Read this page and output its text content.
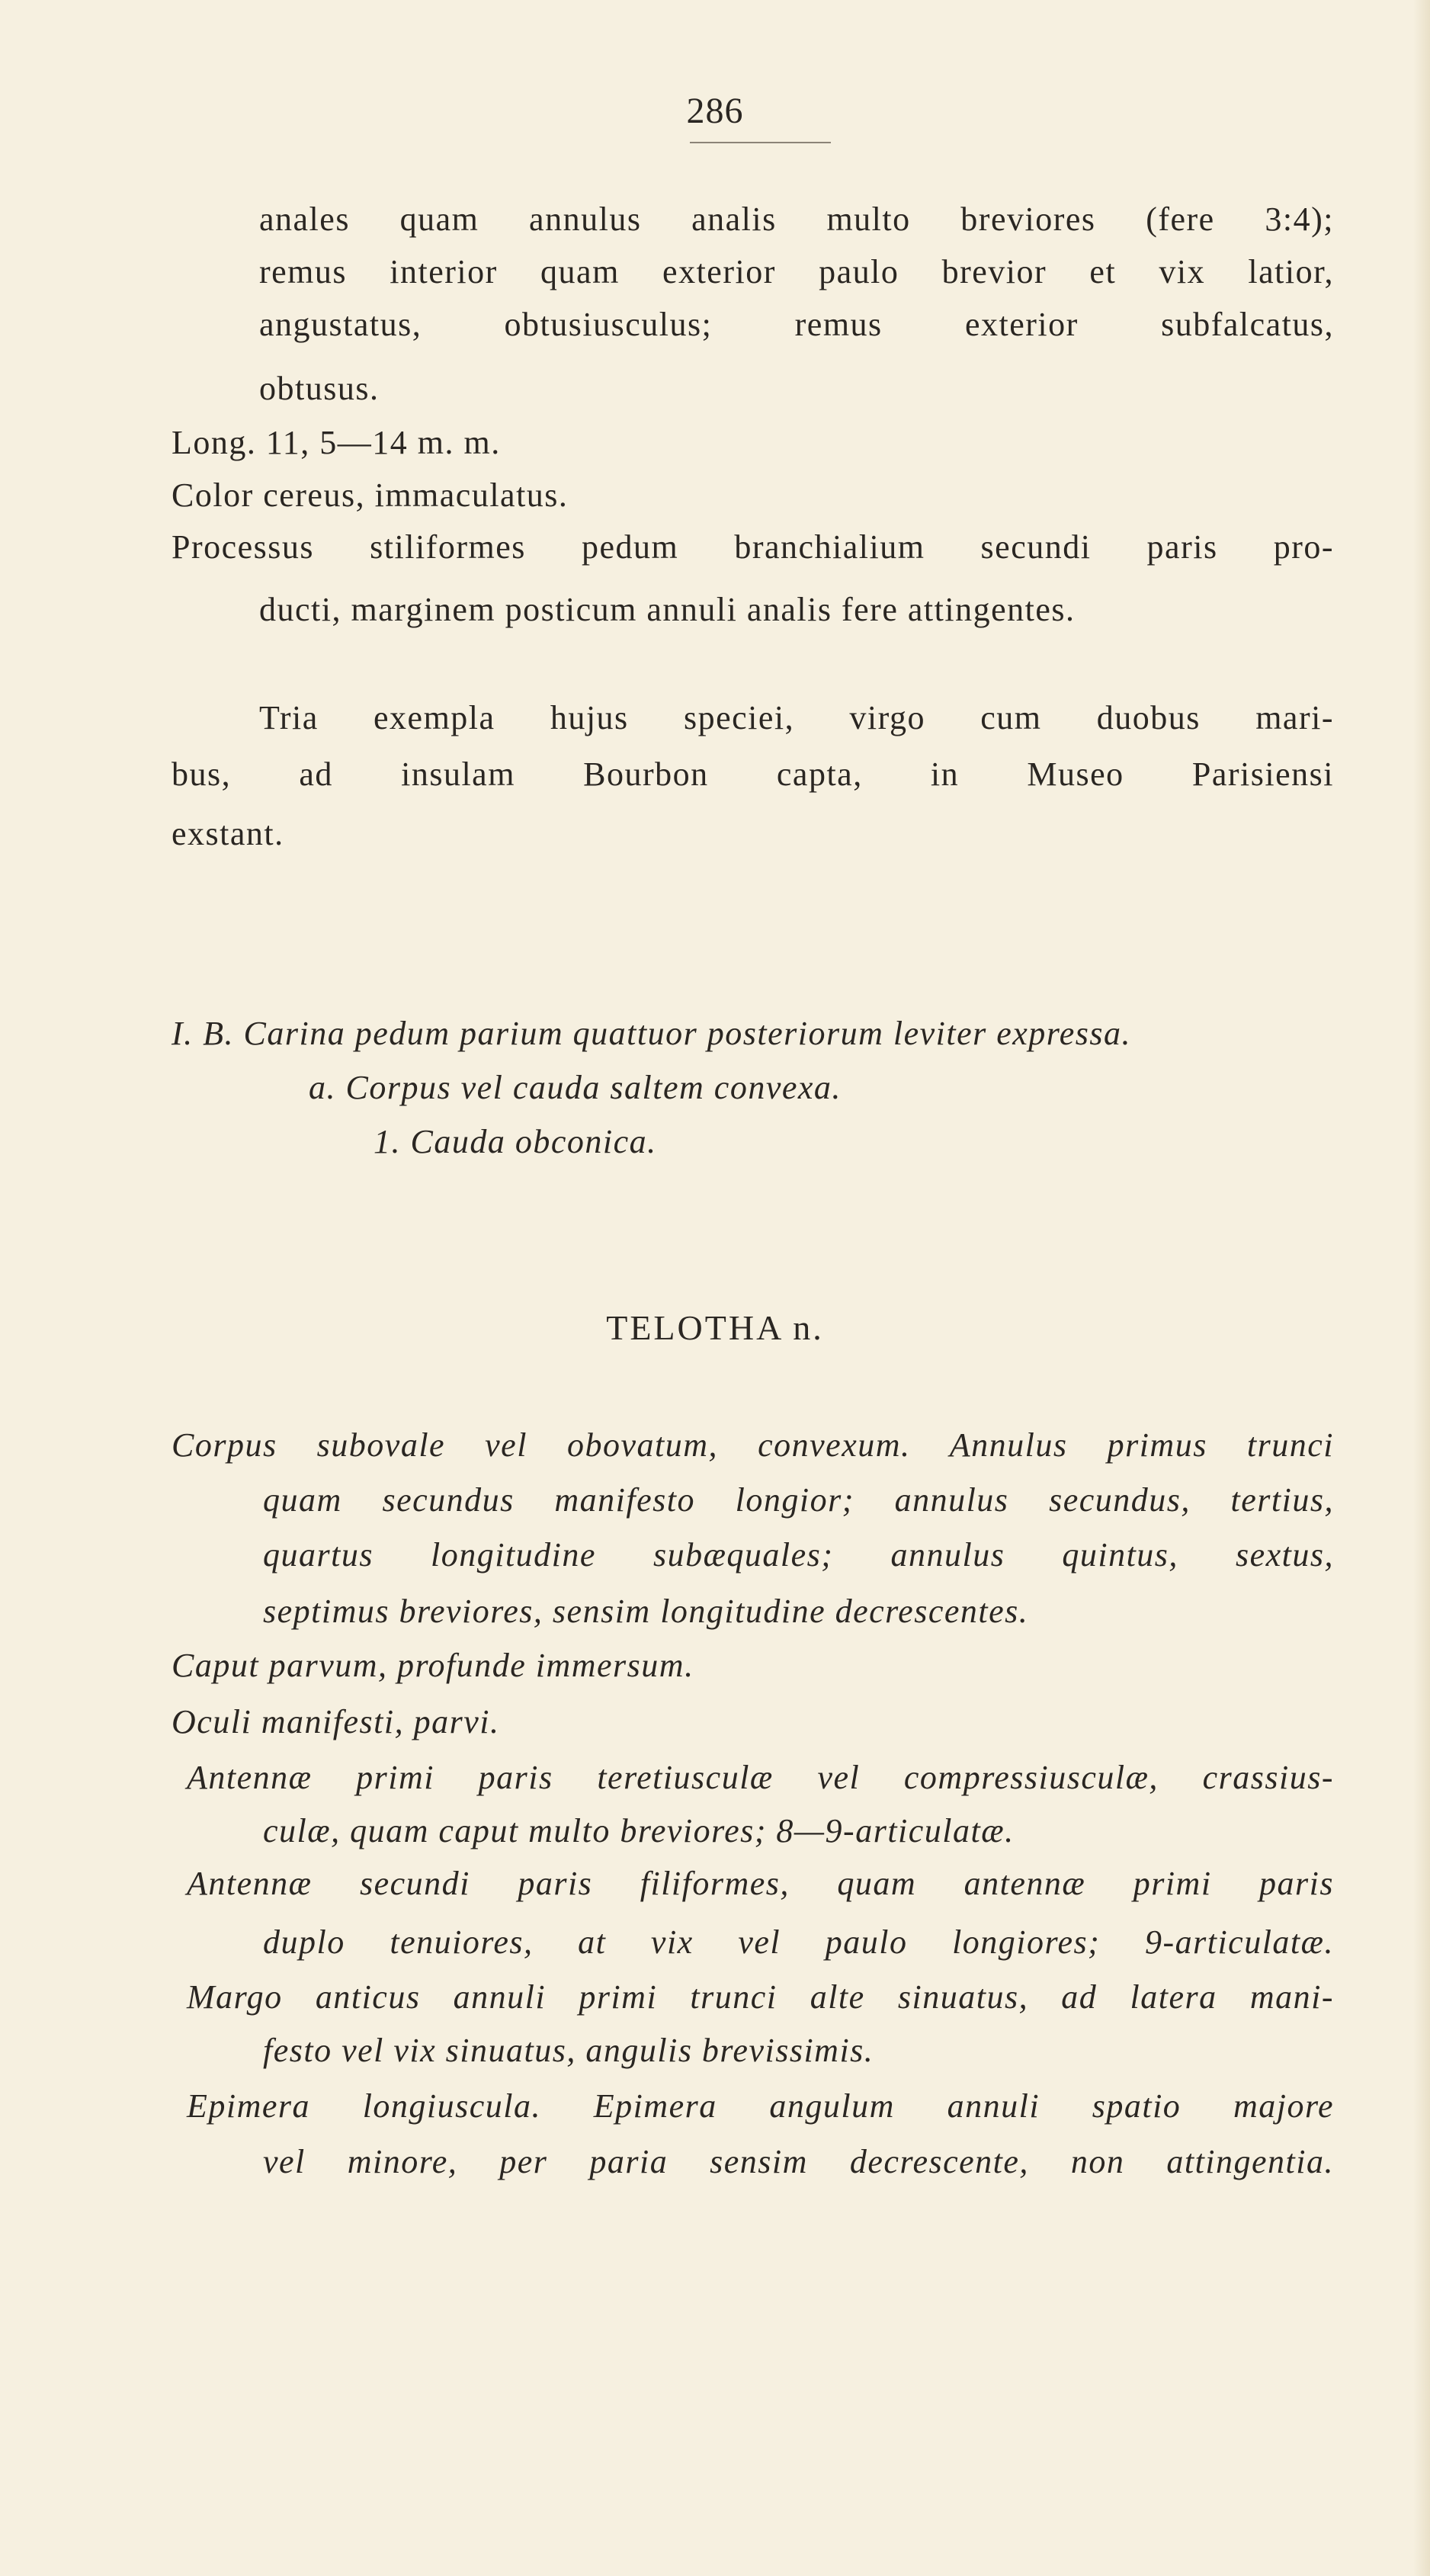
286
anales quam annulus analis multo breviores (fere 3:4);
remus interior quam exterior paulo brevior et vix latior,
angustatus, obtusiusculus; remus exterior subfalcatus,
obtusus.
Long. 11, 5—14 m. m.
Color cereus, immaculatus.
Processus stiliformes pedum branchialium secundi paris pro-
ducti, marginem posticum annuli analis fere attingentes.
Tria exempla hujus speciei, virgo cum duobus mari-
bus, ad insulam Bourbon capta, in Museo Parisiensi
exstant.
I. B. Carina pedum parium quattuor posteriorum leviter expressa.
a. Corpus vel cauda saltem convexa.
1. Cauda obconica.
TELOTHA n.
Corpus subovale vel obovatum, convexum. Annulus primus trunci
quam secundus manifesto longior; annulus secundus, tertius,
quartus longitudine subæquales; annulus quintus, sextus,
septimus breviores, sensim longitudine decrescentes.
Caput parvum, profunde immersum.
Oculi manifesti, parvi.
Antennæ primi paris teretiusculæ vel compressiusculæ, crassius-
culæ, quam caput multo breviores; 8—9-articulatæ.
Antennæ secundi paris filiformes, quam antennæ primi paris
duplo tenuiores, at vix vel paulo longiores; 9-articulatæ.
Margo anticus annuli primi trunci alte sinuatus, ad latera mani-
festo vel vix sinuatus, angulis brevissimis.
Epimera longiuscula. Epimera angulum annuli spatio majore
vel minore, per paria sensim decrescente, non attingentia.
